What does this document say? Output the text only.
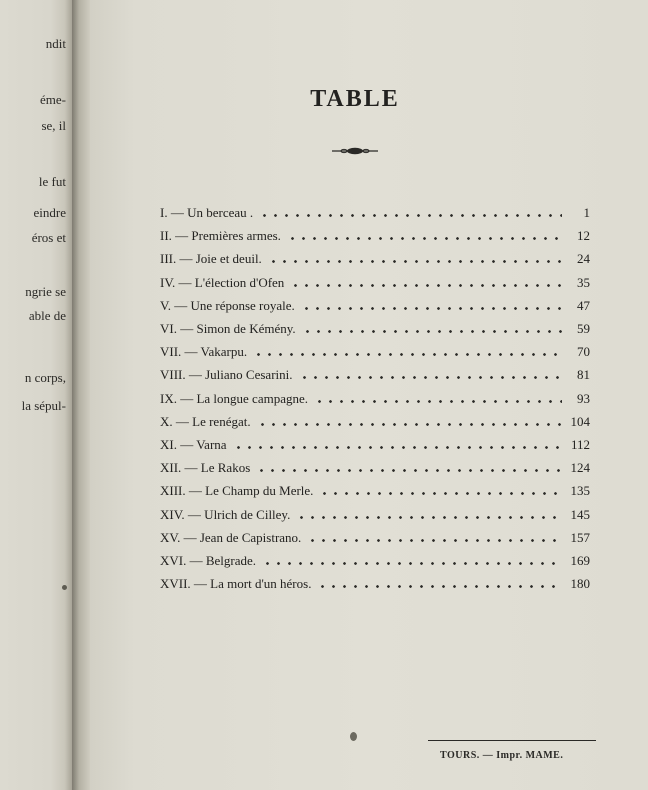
ndit
éme-
se, il
le fut
eindre
éros et
ngrie se
able de
n corps,
la sépul-
TABLE
I. — Un berceau .	1
II. — Premières armes.	12
III. — Joie et deuil.	24
IV. — L'élection d'Ofen	35
V. — Une réponse royale.	47
VI. — Simon de Kémény.	59
VII. — Vakarpu.	70
VIII. — Juliano Cesarini.	81
IX. — La longue campagne.	93
X. — Le renégat.	104
XI. — Varna	112
XII. — Le Rakos	124
XIII. — Le Champ du Merle.	135
XIV. — Ulrich de Cilley.	145
XV. — Jean de Capistrano.	157
XVI. — Belgrade.	169
XVII. — La mort d'un héros.	180
TOURS. — Impr. MAME.
